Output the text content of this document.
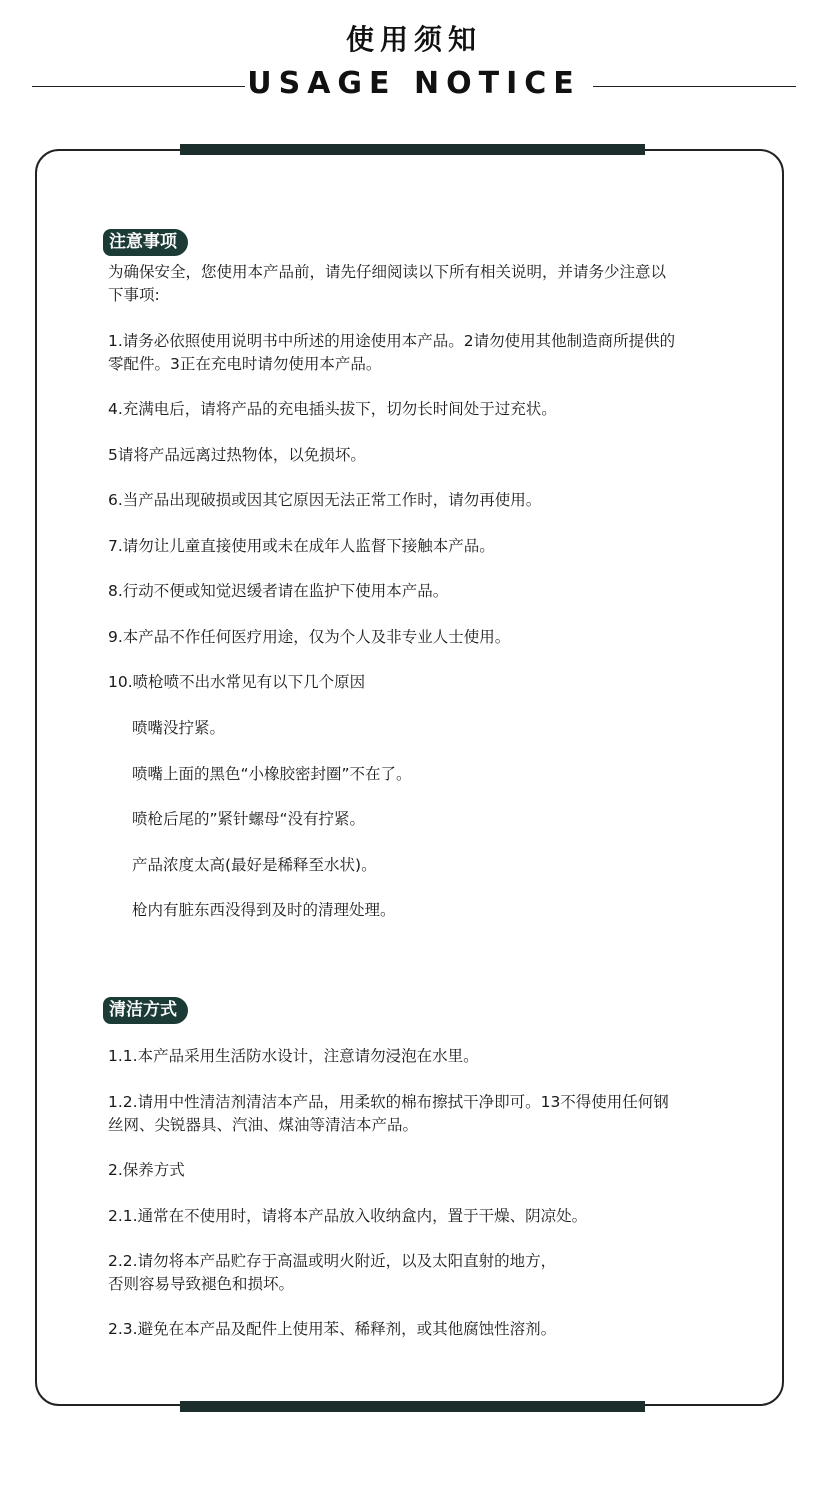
使用须知
USAGE NOTICE
注意事项
为确保安全，您使用本产品前，请先仔细阅读以下所有相关说明，并请务少注意以
下事项:
1.请务必依照使用说明书中所述的用途使用本产品。2请勿使用其他制造商所提供的
零配件。3正在充电时请勿使用本产品。
4.充满电后，请将产品的充电插头拔下，切勿长时间处于过充状。
5请将产品远离过热物体，以免损坏。
6.当产品出现破损或因其它原因无法正常工作时，请勿再使用。
7.请勿让儿童直接使用或未在成年人监督下接触本产品。
8.行动不便或知觉迟缓者请在监护下使用本产品。
9.本产品不作任何医疗用途，仅为个人及非专业人士使用。
10.喷枪喷不出水常见有以下几个原因
喷嘴没拧紧。
喷嘴上面的黑色“小橡胶密封圈”不在了。
喷枪后尾的”紧针螺母“没有拧紧。
产品浓度太高(最好是稀释至水状)。
枪内有脏东西没得到及时的清理处理。
清洁方式
1.1.本产品采用生活防水设计，注意请勿浸泡在水里。
1.2.请用中性清洁剂清洁本产品，用柔软的棉布擦拭干净即可。13不得使用任何钢
丝网、尖锐器具、汽油、煤油等清洁本产品。
2.保养方式
2.1.通常在不使用时，请将本产品放入收纳盒内，置于干燥、阴凉处。
2.2.请勿将本产品贮存于高温或明火附近，以及太阳直射的地方，
否则容易导致褪色和损坏。
2.3.避免在本产品及配件上使用苯、稀释剂，或其他腐蚀性溶剂。
